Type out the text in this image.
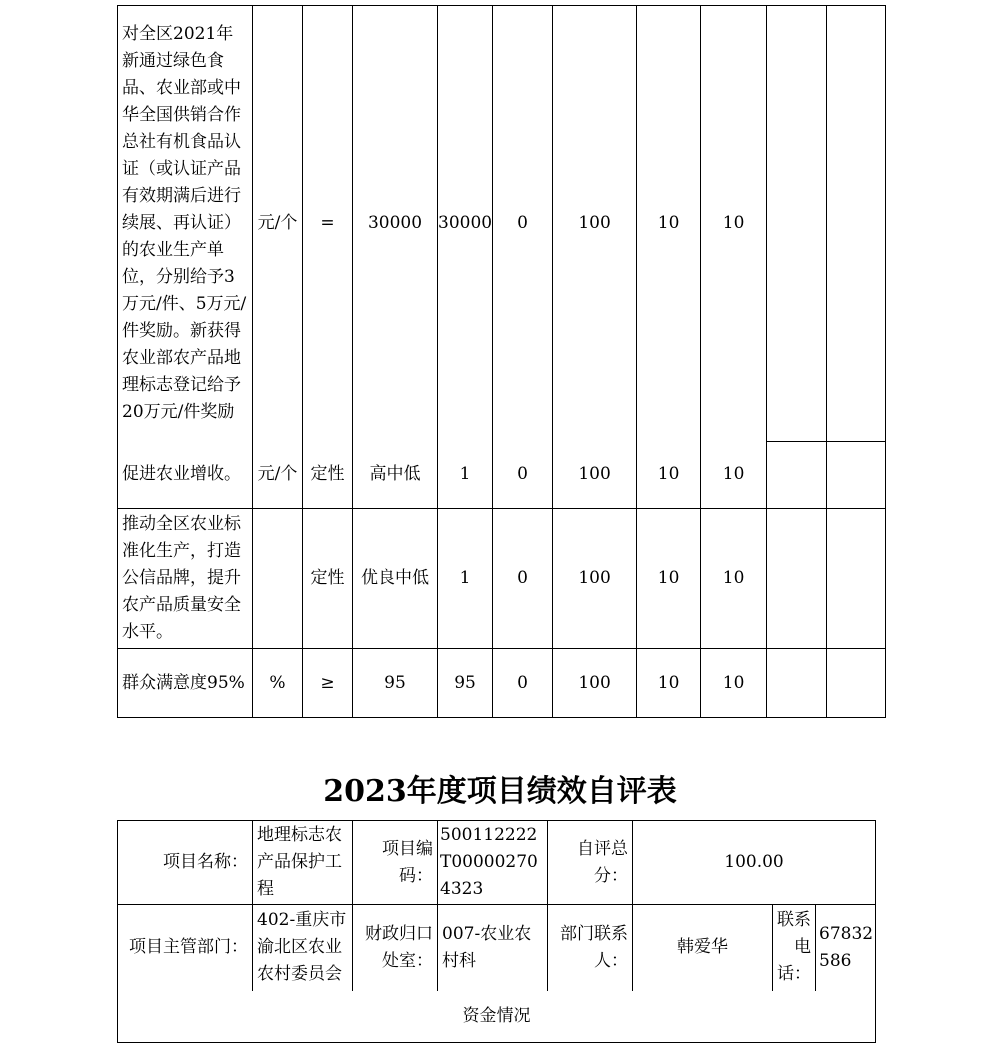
对全区2021年新通过绿色食品、农业部或中华全国供销合作总社有机食品认证（或认证产品有效期满后进行续展、再认证）的农业生产单位，分别给予3万元/件、5万元/件奖励。新获得农业部农产品地理标志登记给予20万元/件奖励	元/个	=	30000	30000	0	100	10	10		
促进农业增收。	元/个	定性	高中低	1	0	100	10	10		
推动全区农业标准化生产，打造公信品牌，提升农产品质量安全水平。		定性	优良中低	1	0	100	10	10		
群众满意度95%	%	≥	95	95	0	100	10	10		
2023年度项目绩效自评表
项目名称：	地理标志农产品保护工程	项目编码：	500112222T000002704323	自评总分：	100.00		
项目主管部门：	402-重庆市渝北区农业农村委员会	财政归口处室：	007-农业农村科	部门联系人：	韩爱华	联系电话：	67832586
资金情况							
